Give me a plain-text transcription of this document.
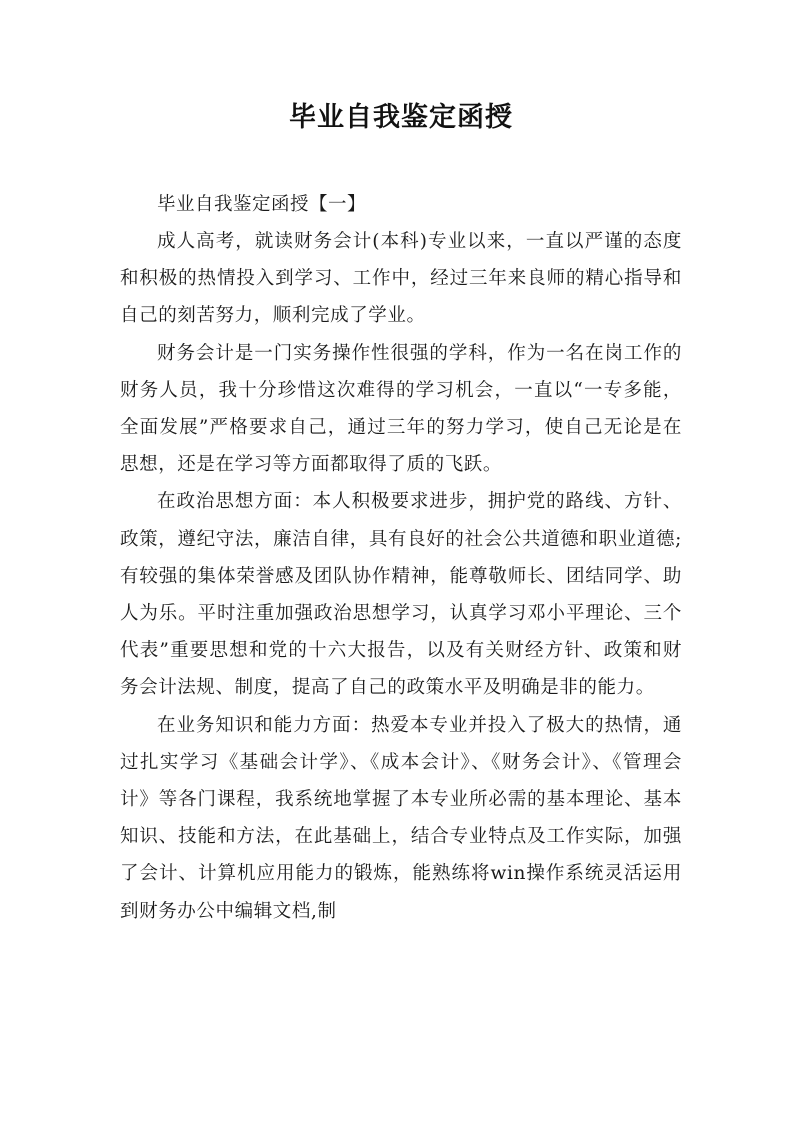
毕业自我鉴定函授

毕业自我鉴定函授【一】

成人高考，就读财务会计(本科)专业以来，一直以严谨的态度和积极的热情投入到学习、工作中，经过三年来良师的精心指导和自己的刻苦努力，顺利完成了学业。

财务会计是一门实务操作性很强的学科，作为一名在岗工作的财务人员，我十分珍惜这次难得的学习机会，一直以“一专多能，全面发展”严格要求自己，通过三年的努力学习，使自己无论是在思想，还是在学习等方面都取得了质的飞跃。

在政治思想方面：本人积极要求进步，拥护党的路线、方针、政策，遵纪守法，廉洁自律，具有良好的社会公共道德和职业道德;有较强的集体荣誉感及团队协作精神，能尊敬师长、团结同学、助人为乐。平时注重加强政治思想学习，认真学习邓小平理论、三个代表”重要思想和党的十六大报告，以及有关财经方针、政策和财务会计法规、制度，提高了自己的政策水平及明确是非的能力。

在业务知识和能力方面：热爱本专业并投入了极大的热情，通过扎实学习《基础会计学》、《成本会计》、《财务会计》、《管理会计》等各门课程，我系统地掌握了本专业所必需的基本理论、基本知识、技能和方法，在此基础上，结合专业特点及工作实际，加强了会计、计算机应用能力的锻炼，能熟练将win操作系统灵活运用到财务办公中编辑文档,制
